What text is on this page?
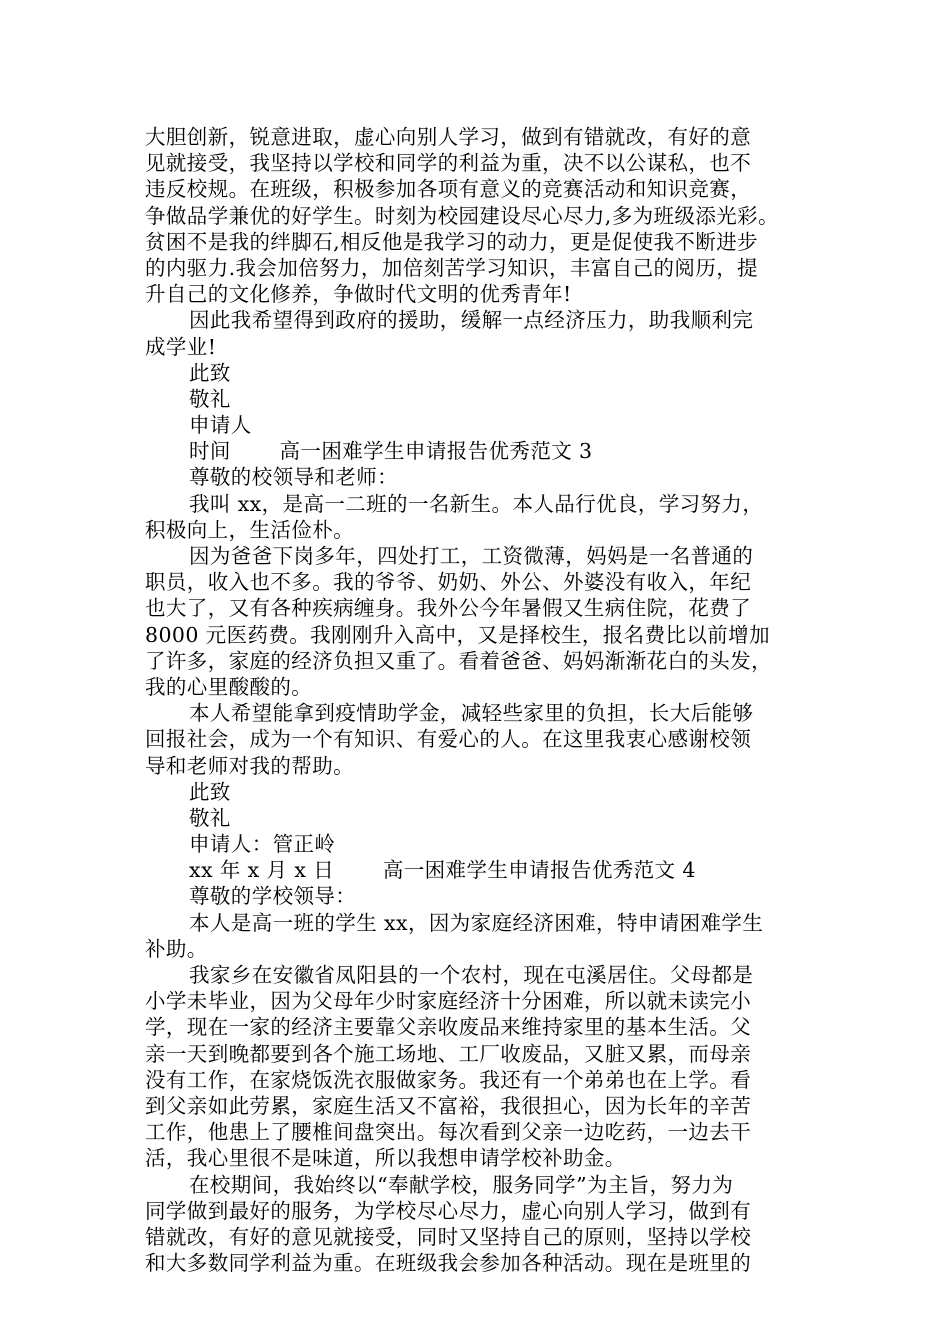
大胆创新，锐意进取，虚心向别人学习，做到有错就改，有好的意
见就接受，我坚持以学校和同学的利益为重，决不以公谋私，也不
违反校规。在班级，积极参加各项有意义的竞赛活动和知识竞赛，
争做品学兼优的好学生。时刻为校园建设尽心尽力,多为班级添光彩。
贫困不是我的绊脚石,相反他是我学习的动力，更是促使我不断进步
的内驱力.我会加倍努力，加倍刻苦学习知识，丰富自己的阅历，提
升自己的文化修养，争做时代文明的优秀青年!
因此我希望得到政府的援助，缓解一点经济压力，助我顺利完
成学业!
此致
敬礼
申请人
时间　　 高一困难学生申请报告优秀范文 3
尊敬的校领导和老师：
我叫 xx，是高一二班的一名新生。本人品行优良，学习努力，
积极向上，生活俭朴。
因为爸爸下岗多年，四处打工，工资微薄，妈妈是一名普通的
职员，收入也不多。我的爷爷、奶奶、外公、外婆没有收入，年纪
也大了，又有各种疾病缠身。我外公今年暑假又生病住院，花费了
8000 元医药费。我刚刚升入高中，又是择校生，报名费比以前增加
了许多，家庭的经济负担又重了。看着爸爸、妈妈渐渐花白的头发，
我的心里酸酸的。
本人希望能拿到疫情助学金，减轻些家里的负担，长大后能够
回报社会，成为一个有知识、有爱心的人。在这里我衷心感谢校领
导和老师对我的帮助。
此致
敬礼
申请人：管正岭
xx 年 x 月 x 日　　 高一困难学生申请报告优秀范文 4
尊敬的学校领导：
本人是高一班的学生 xx，因为家庭经济困难，特申请困难学生
补助。
我家乡在安徽省凤阳县的一个农村，现在屯溪居住。父母都是
小学未毕业，因为父母年少时家庭经济十分困难，所以就未读完小
学，现在一家的经济主要靠父亲收废品来维持家里的基本生活。父
亲一天到晚都要到各个施工场地、工厂收废品，又脏又累，而母亲
没有工作，在家烧饭洗衣服做家务。我还有一个弟弟也在上学。看
到父亲如此劳累，家庭生活又不富裕，我很担心，因为长年的辛苦
工作，他患上了腰椎间盘突出。每次看到父亲一边吃药，一边去干
活，我心里很不是味道，所以我想申请学校补助金。
在校期间，我始终以“奉献学校，服务同学”为主旨，努力为
同学做到最好的服务，为学校尽心尽力，虚心向别人学习，做到有
错就改，有好的意见就接受，同时又坚持自己的原则，坚持以学校
和大多数同学利益为重。在班级我会参加各种活动。现在是班里的
